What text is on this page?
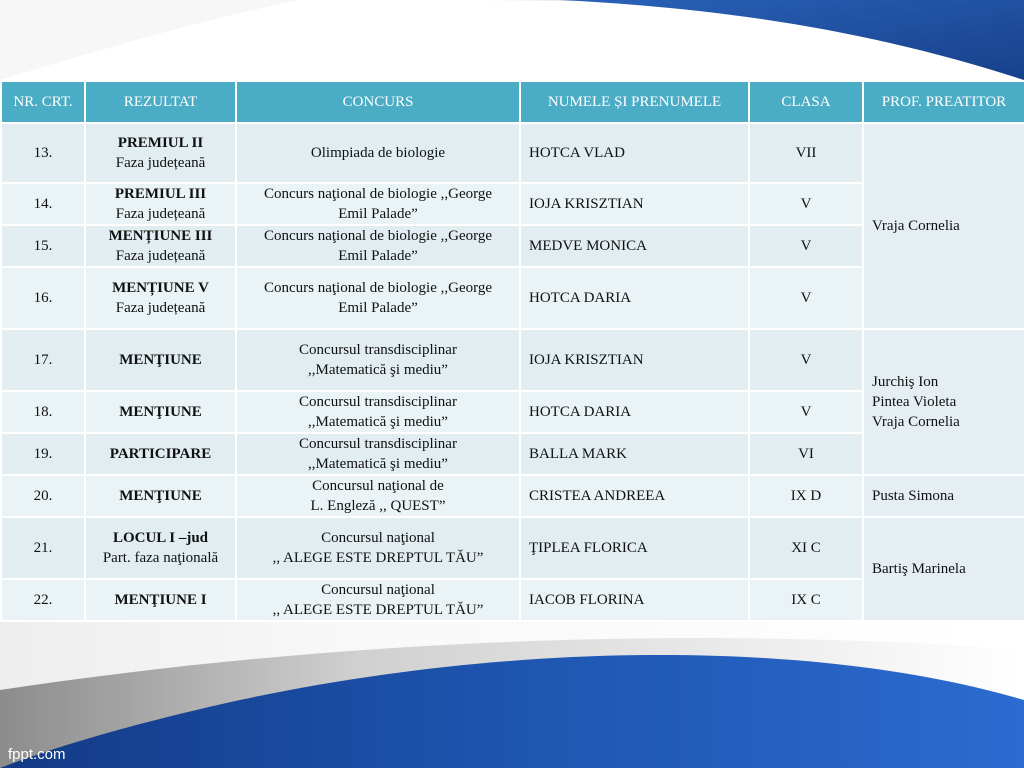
NR. CRT.	REZULTAT	CONCURS	NUMELE ȘI PRENUMELE	CLASA	PROF. PREATITOR
13.	PREMIUL II
Faza județeană	Olimpiada de biologie	HOTCA VLAD	VII	Vraja Cornelia

14.	PREMIUL III
Faza județeană	Concurs naţional de biologie ,,George
Emil Palade”	IOJA KRISZTIAN	V	
15.	MENȚIUNE III
Faza județeană	Concurs naţional de biologie ,,George
Emil Palade”	MEDVE MONICA	V	
16.	MENȚIUNE V
Faza județeană	Concurs naţional de biologie ,,George
Emil Palade”	HOTCA DARIA	V	
17.	MENŢIUNE	Concursul transdisciplinar
,,Matematică şi mediu”	IOJA KRISZTIAN	V	Jurchiş Ion
Pintea Violeta
Vraja Cornelia

18.	MENŢIUNE	Concursul transdisciplinar
,,Matematică şi mediu”	HOTCA DARIA	V	
19.	PARTICIPARE	Concursul transdisciplinar
,,Matematică şi mediu”	BALLA MARK	VI	
20.	MENŢIUNE	Concursul naţional de
L. Engleză ,, QUEST”	CRISTEA ANDREEA	IX D	Pusta Simona

21.	LOCUL I –jud
Part. faza naţională	Concursul naţional
,, ALEGE ESTE DREPTUL TĂU”	ŢIPLEA FLORICA	XI C	Bartiş Marinela

22.	MENŢIUNE I	Concursul naţional
,, ALEGE ESTE DREPTUL TĂU”	IACOB FLORINA	IX C	
fppt.com
